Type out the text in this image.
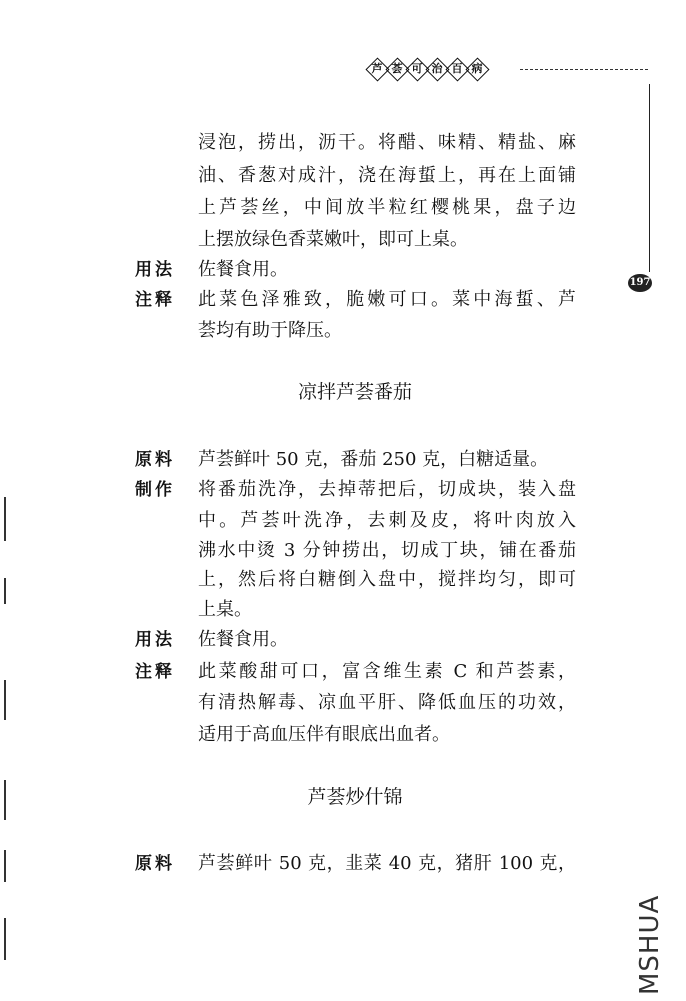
芦 荟 可 治 百 病
197
浸泡，捞出，沥干。将醋、味精、精盐、麻
油、香葱对成汁，浇在海蜇上，再在上面铺
上芦荟丝，中间放半粒红樱桃果，盘子边
上摆放绿色香菜嫩叶，即可上桌。
用法 佐餐食用。
注释 此菜色泽雅致，脆嫩可口。菜中海蜇、芦
荟均有助于降压。
凉拌芦荟番茄
原料 芦荟鲜叶 50 克，番茄 250 克，白糖适量。
制作 将番茄洗净，去掉蒂把后，切成块，装入盘
中。芦荟叶洗净，去刺及皮，将叶肉放入
沸水中烫 3 分钟捞出，切成丁块，铺在番茄
上，然后将白糖倒入盘中，搅拌均匀，即可
上桌。
用法 佐餐食用。
注释 此菜酸甜可口，富含维生素 C 和芦荟素，
有清热解毒、凉血平肝、降低血压的功效，
适用于高血压伴有眼底出血者。
芦荟炒什锦
原料 芦荟鲜叶 50 克，韭菜 40 克，猪肝 100 克，
MSHUA
